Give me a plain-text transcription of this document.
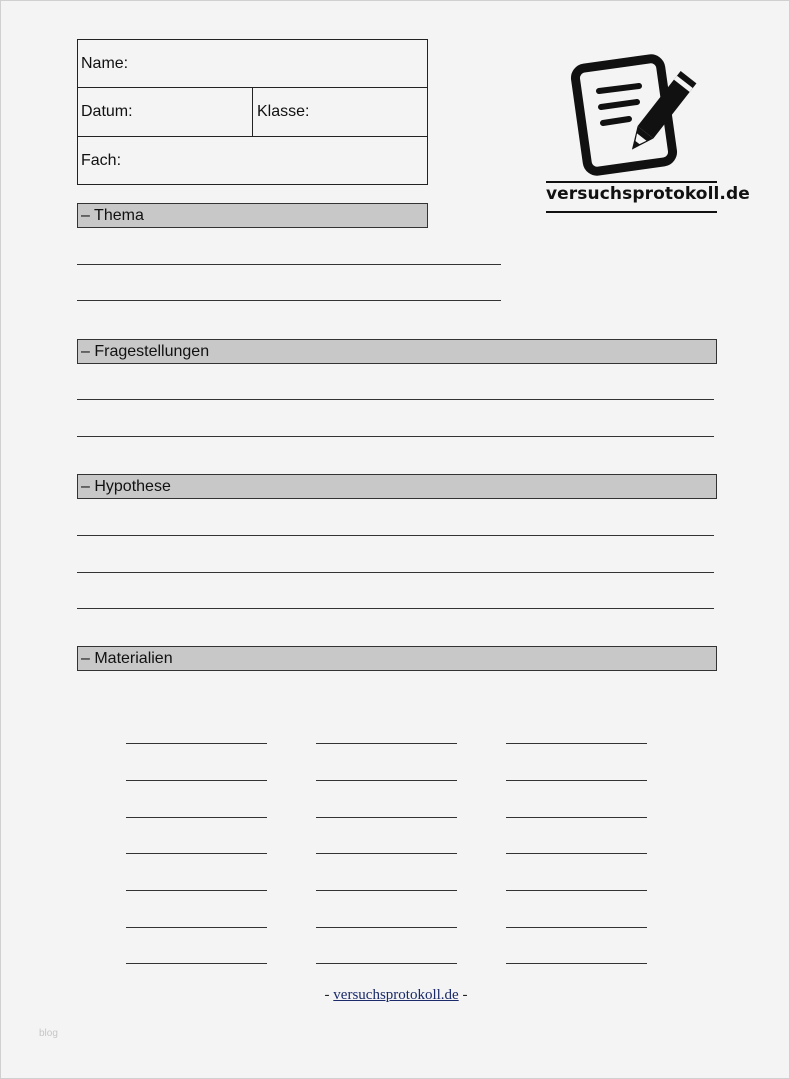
Name:
Datum:	Klasse:
Fach:
versuchsprotokoll.de
– Thema
– Fragestellungen
– Hypothese
– Materialien
- versuchsprotokoll.de -
blog
